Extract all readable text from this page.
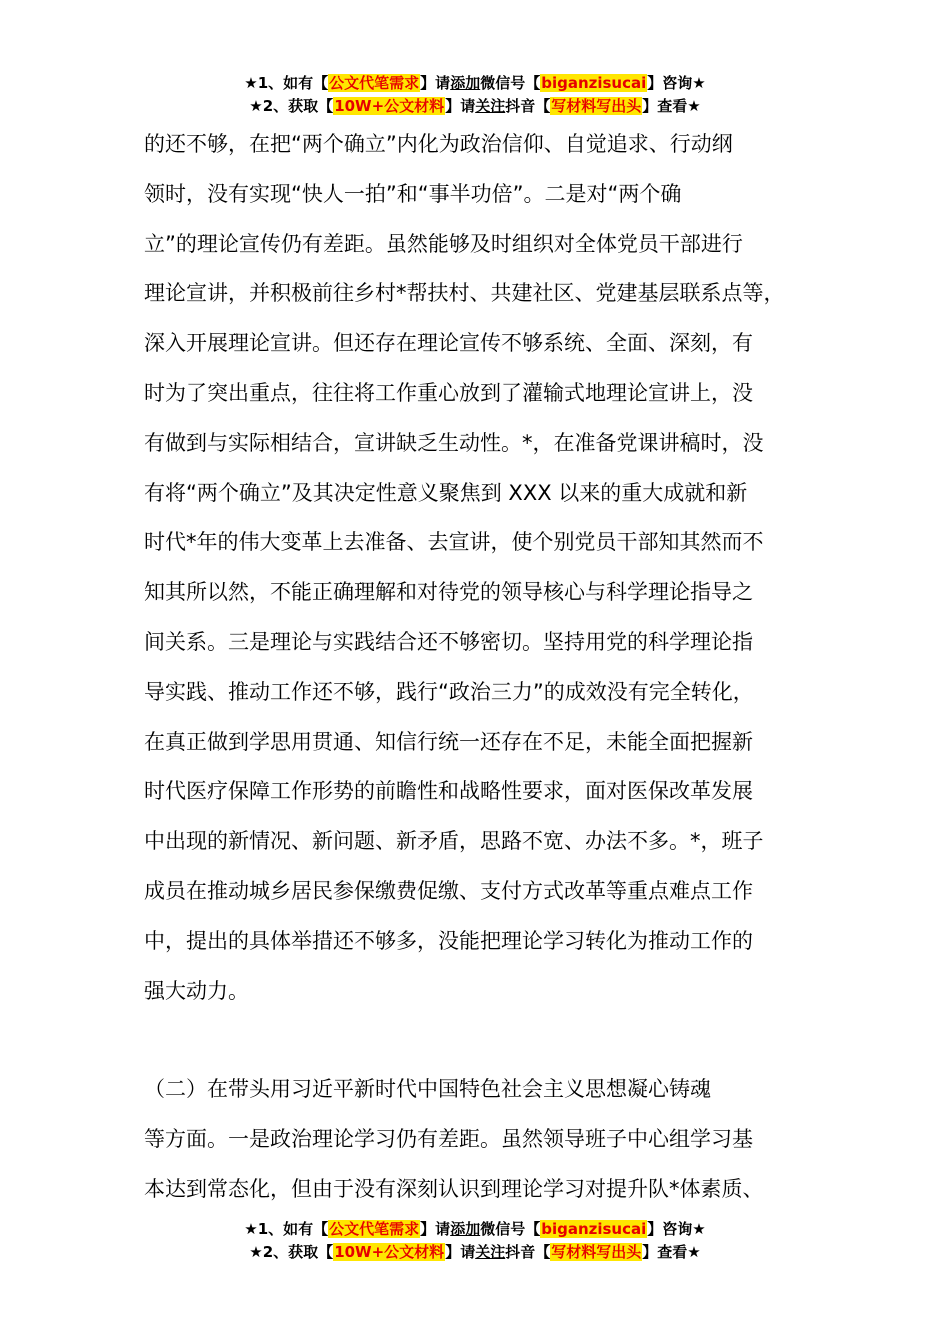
★1、如有【公文代笔需求】请添加微信号【biganzisucai】咨询★
★2、获取【10W+公文材料】请关注抖音【写材料写出头】查看★
的还不够，在把“两个确立”内化为政治信仰、自觉追求、行动纲
领时，没有实现“快人一拍”和“事半功倍”。二是对“两个确
立”的理论宣传仍有差距。虽然能够及时组织对全体党员干部进行
理论宣讲，并积极前往乡村*帮扶村、共建社区、党建基层联系点等，
深入开展理论宣讲。但还存在理论宣传不够系统、全面、深刻，有
时为了突出重点，往往将工作重心放到了灌输式地理论宣讲上，没
有做到与实际相结合，宣讲缺乏生动性。*，在准备党课讲稿时，没
有将“两个确立”及其决定性意义聚焦到 XXX 以来的重大成就和新
时代*年的伟大变革上去准备、去宣讲，使个别党员干部知其然而不
知其所以然，不能正确理解和对待党的领导核心与科学理论指导之
间关系。三是理论与实践结合还不够密切。坚持用党的科学理论指
导实践、推动工作还不够，践行“政治三力”的成效没有完全转化，
在真正做到学思用贯通、知信行统一还存在不足，未能全面把握新
时代医疗保障工作形势的前瞻性和战略性要求，面对医保改革发展
中出现的新情况、新问题、新矛盾，思路不宽、办法不多。*，班子
成员在推动城乡居民参保缴费促缴、支付方式改革等重点难点工作
中，提出的具体举措还不够多，没能把理论学习转化为推动工作的
强大动力。
（二）在带头用习近平新时代中国特色社会主义思想凝心铸魂
等方面。一是政治理论学习仍有差距。虽然领导班子中心组学习基
本达到常态化，但由于没有深刻认识到理论学习对提升队*体素质、
★1、如有【公文代笔需求】请添加微信号【biganzisucai】咨询★
★2、获取【10W+公文材料】请关注抖音【写材料写出头】查看★
